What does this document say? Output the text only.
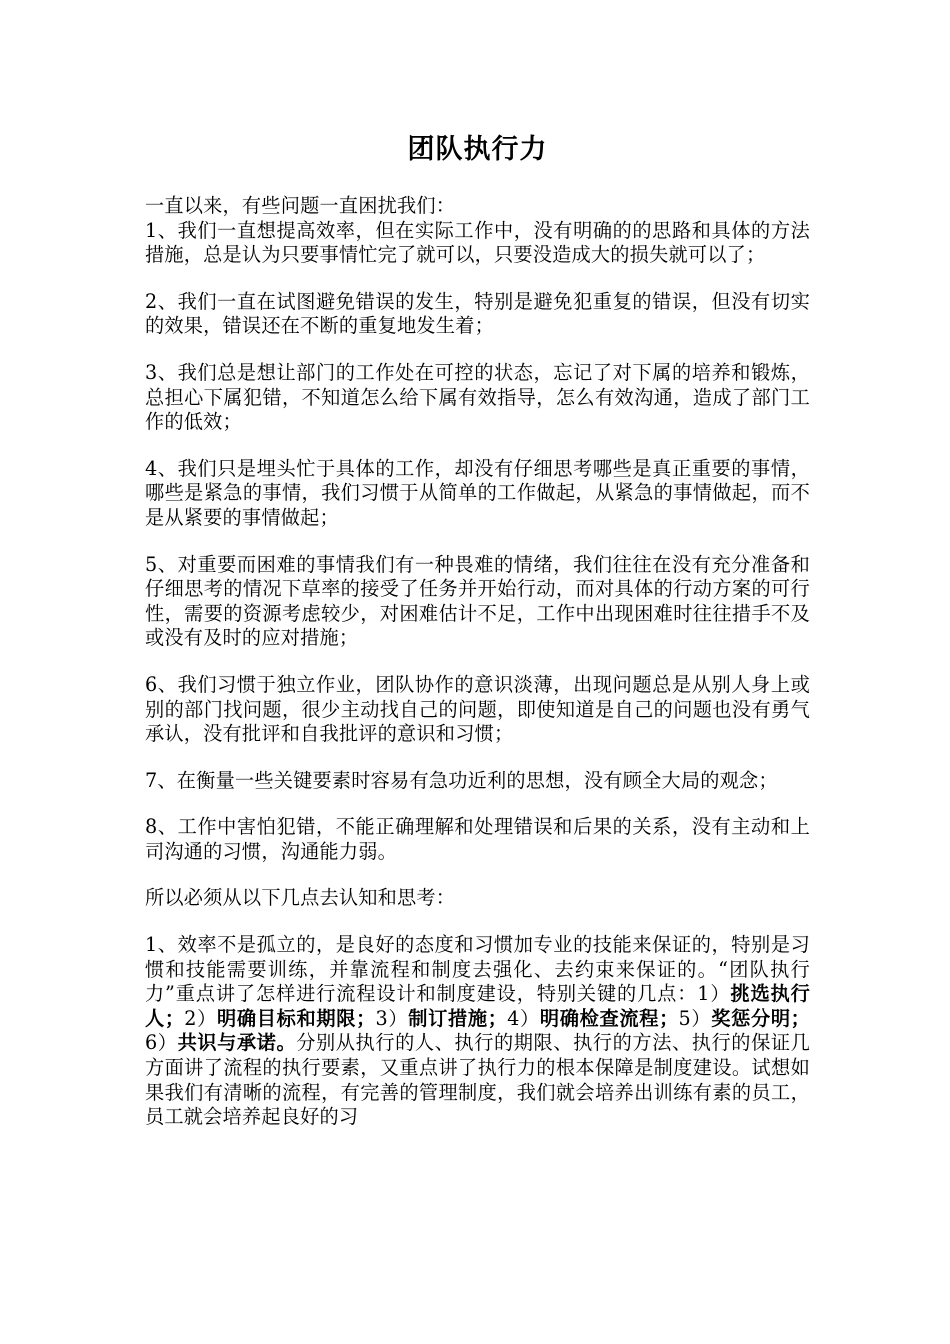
团队执行力

一直以来，有些问题一直困扰我们：

1、我们一直想提高效率，但在实际工作中，没有明确的的思路和具体的方法措施，总是认为只要事情忙完了就可以，只要没造成大的损失就可以了；

2、我们一直在试图避免错误的发生，特别是避免犯重复的错误，但没有切实的效果，错误还在不断的重复地发生着；

3、我们总是想让部门的工作处在可控的状态，忘记了对下属的培养和锻炼，总担心下属犯错，不知道怎么给下属有效指导，怎么有效沟通，造成了部门工作的低效；

4、我们只是埋头忙于具体的工作，却没有仔细思考哪些是真正重要的事情，哪些是紧急的事情，我们习惯于从简单的工作做起，从紧急的事情做起，而不是从紧要的事情做起；

5、对重要而困难的事情我们有一种畏难的情绪，我们往往在没有充分准备和仔细思考的情况下草率的接受了任务并开始行动，而对具体的行动方案的可行性，需要的资源考虑较少，对困难估计不足，工作中出现困难时往往措手不及或没有及时的应对措施；

6、我们习惯于独立作业，团队协作的意识淡薄，出现问题总是从别人身上或别的部门找问题，很少主动找自己的问题，即使知道是自己的问题也没有勇气承认，没有批评和自我批评的意识和习惯；

7、在衡量一些关键要素时容易有急功近利的思想，没有顾全大局的观念；

8、工作中害怕犯错，不能正确理解和处理错误和后果的关系，没有主动和上司沟通的习惯，沟通能力弱。

所以必须从以下几点去认知和思考：

1、效率不是孤立的，是良好的态度和习惯加专业的技能来保证的，特别是习惯和技能需要训练，并靠流程和制度去强化、去约束来保证的。“团队执行力”重点讲了怎样进行流程设计和制度建设，特别关键的几点：1）挑选执行人；2）明确目标和期限；3）制订措施；4）明确检查流程；5）奖惩分明；6）共识与承诺。分别从执行的人、执行的期限、执行的方法、执行的保证几方面讲了流程的执行要素，又重点讲了执行力的根本保障是制度建设。试想如果我们有清晰的流程，有完善的管理制度，我们就会培养出训练有素的员工，员工就会培养起良好的习
